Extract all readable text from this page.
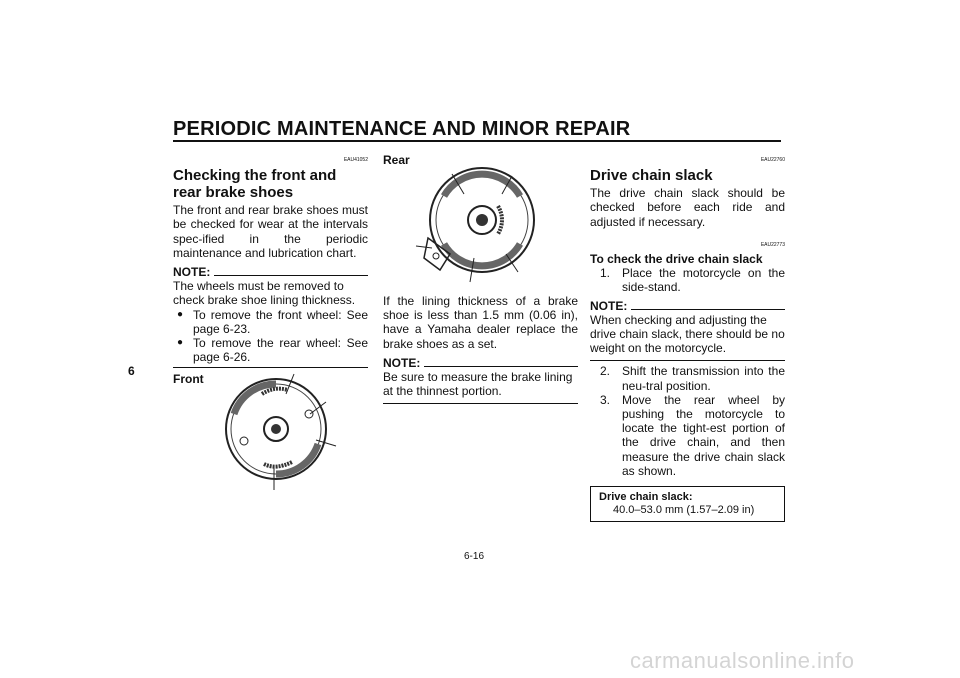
PERIODIC MAINTENANCE AND MINOR REPAIR
6
EAU41052
Checking the front and rear brake shoes

The front and rear brake shoes must be checked for wear at the intervals spec-ified in the periodic maintenance and lubrication chart.

NOTE:

The wheels must be removed to check brake shoe lining thickness.

● To remove the front wheel: See page 6-23.
● To remove the rear wheel: See page 6-26.
Front
Rear

If the lining thickness of a brake shoe is less than 1.5 mm (0.06 in), have a Yamaha dealer replace the brake shoes as a set.

NOTE:

Be sure to measure the brake lining at the thinnest portion.

EAU22760
Drive chain slack

The drive chain slack should be checked before each ride and adjusted if necessary.

EAU22773
To check the drive chain slack
1. Place the motorcycle on the side-stand.
NOTE:

When checking and adjusting the drive chain slack, there should be no weight on the motorcycle.

2. Shift the transmission into the neu-tral position.
3. Move the rear wheel by pushing the motorcycle to locate the tight-est portion of the drive chain, and then measure the drive chain slack as shown.
Drive chain slack:
40.0–53.0 mm (1.57–2.09 in)
6-16
carmanualsonline.info
